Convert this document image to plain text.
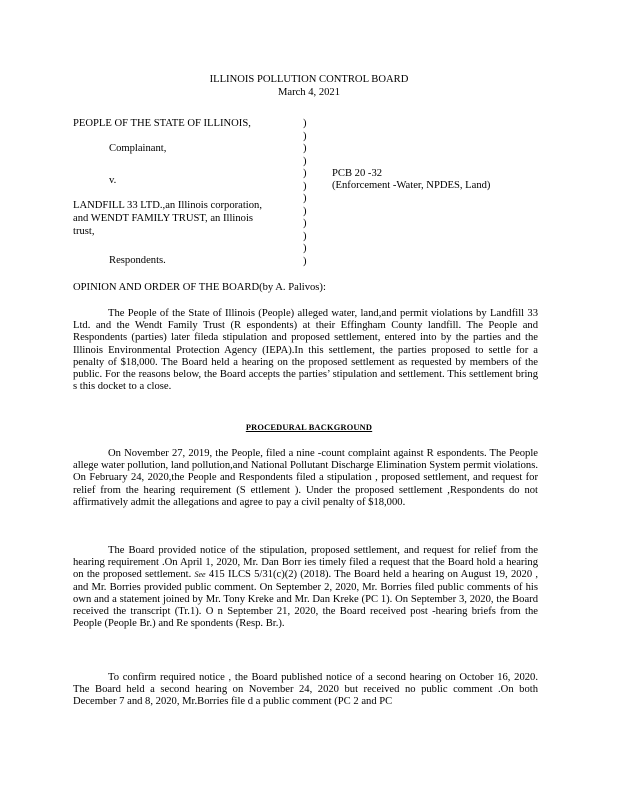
ILLINOIS POLLUTION CONTROL BOARD
March 4, 2021
PEOPLE OF THE STATE OF ILLINOIS,
Complainant,
v.
LANDFILL 33 LTD.,an Illinois corporation,
and WENDT FAMILY TRUST, an Illinois
trust,
Respondents.
)
)
)
)
)
)
)
)
)
)
)
)
PCB 20 -32
(Enforcement -Water, NPDES, Land)
OPINION AND ORDER OF THE BOARD(by A. Palivos):

The People of the State of Illinois (People) alleged water, land,and permit violations by Landfill 33 Ltd. and the Wendt Family Trust (R espondents) at their Effingham County landfill. The People and Respondents (parties) later fileda stipulation and proposed settlement, entered into by the parties and the Illinois Environmental Protection Agency (IEPA).In this settlement, the parties proposed to settle for a penalty of $18,000. The Board held a hearing on the proposed settlement as requested by members of the public. For the reasons below, the Board accepts the parties’ stipulation and settlement. This settlement bring s this docket to a close.

PROCEDURAL BACKGROUND

On November 27, 2019, the People, filed a nine -count complaint against R espondents. The People allege water pollution, land pollution,and National Pollutant Discharge Elimination System permit violations. On February 24, 2020,the People and Respondents filed a stipulation , proposed settlement, and request for relief from the hearing requirement (S ettlement ). Under the proposed settlement ,Respondents do not affirmatively admit the allegations and agree to pay a civil penalty of $18,000.

The Board provided notice of the stipulation, proposed settlement, and request for relief from the hearing requirement .On April 1, 2020, Mr. Dan Borr ies timely filed a request that the Board hold a hearing on the proposed settlement. See 415 ILCS 5/31(c)(2) (2018). The Board held a hearing on August 19, 2020 , and Mr. Borries provided public comment. On September 2, 2020, Mr. Borries filed public comments of his own and a statement joined by Mr. Tony Kreke and Mr. Dan Kreke (PC 1). On September 3, 2020, the Board received the transcript (Tr.1). O n September 21, 2020, the Board received post -hearing briefs from the People (People Br.) and Re spondents (Resp. Br.).

To confirm required notice , the Board published notice of a second hearing on October 16, 2020. The Board held a second hearing on November 24, 2020 but received no public comment .On both December 7 and 8, 2020, Mr.Borries file d a public comment (PC 2 and PC
